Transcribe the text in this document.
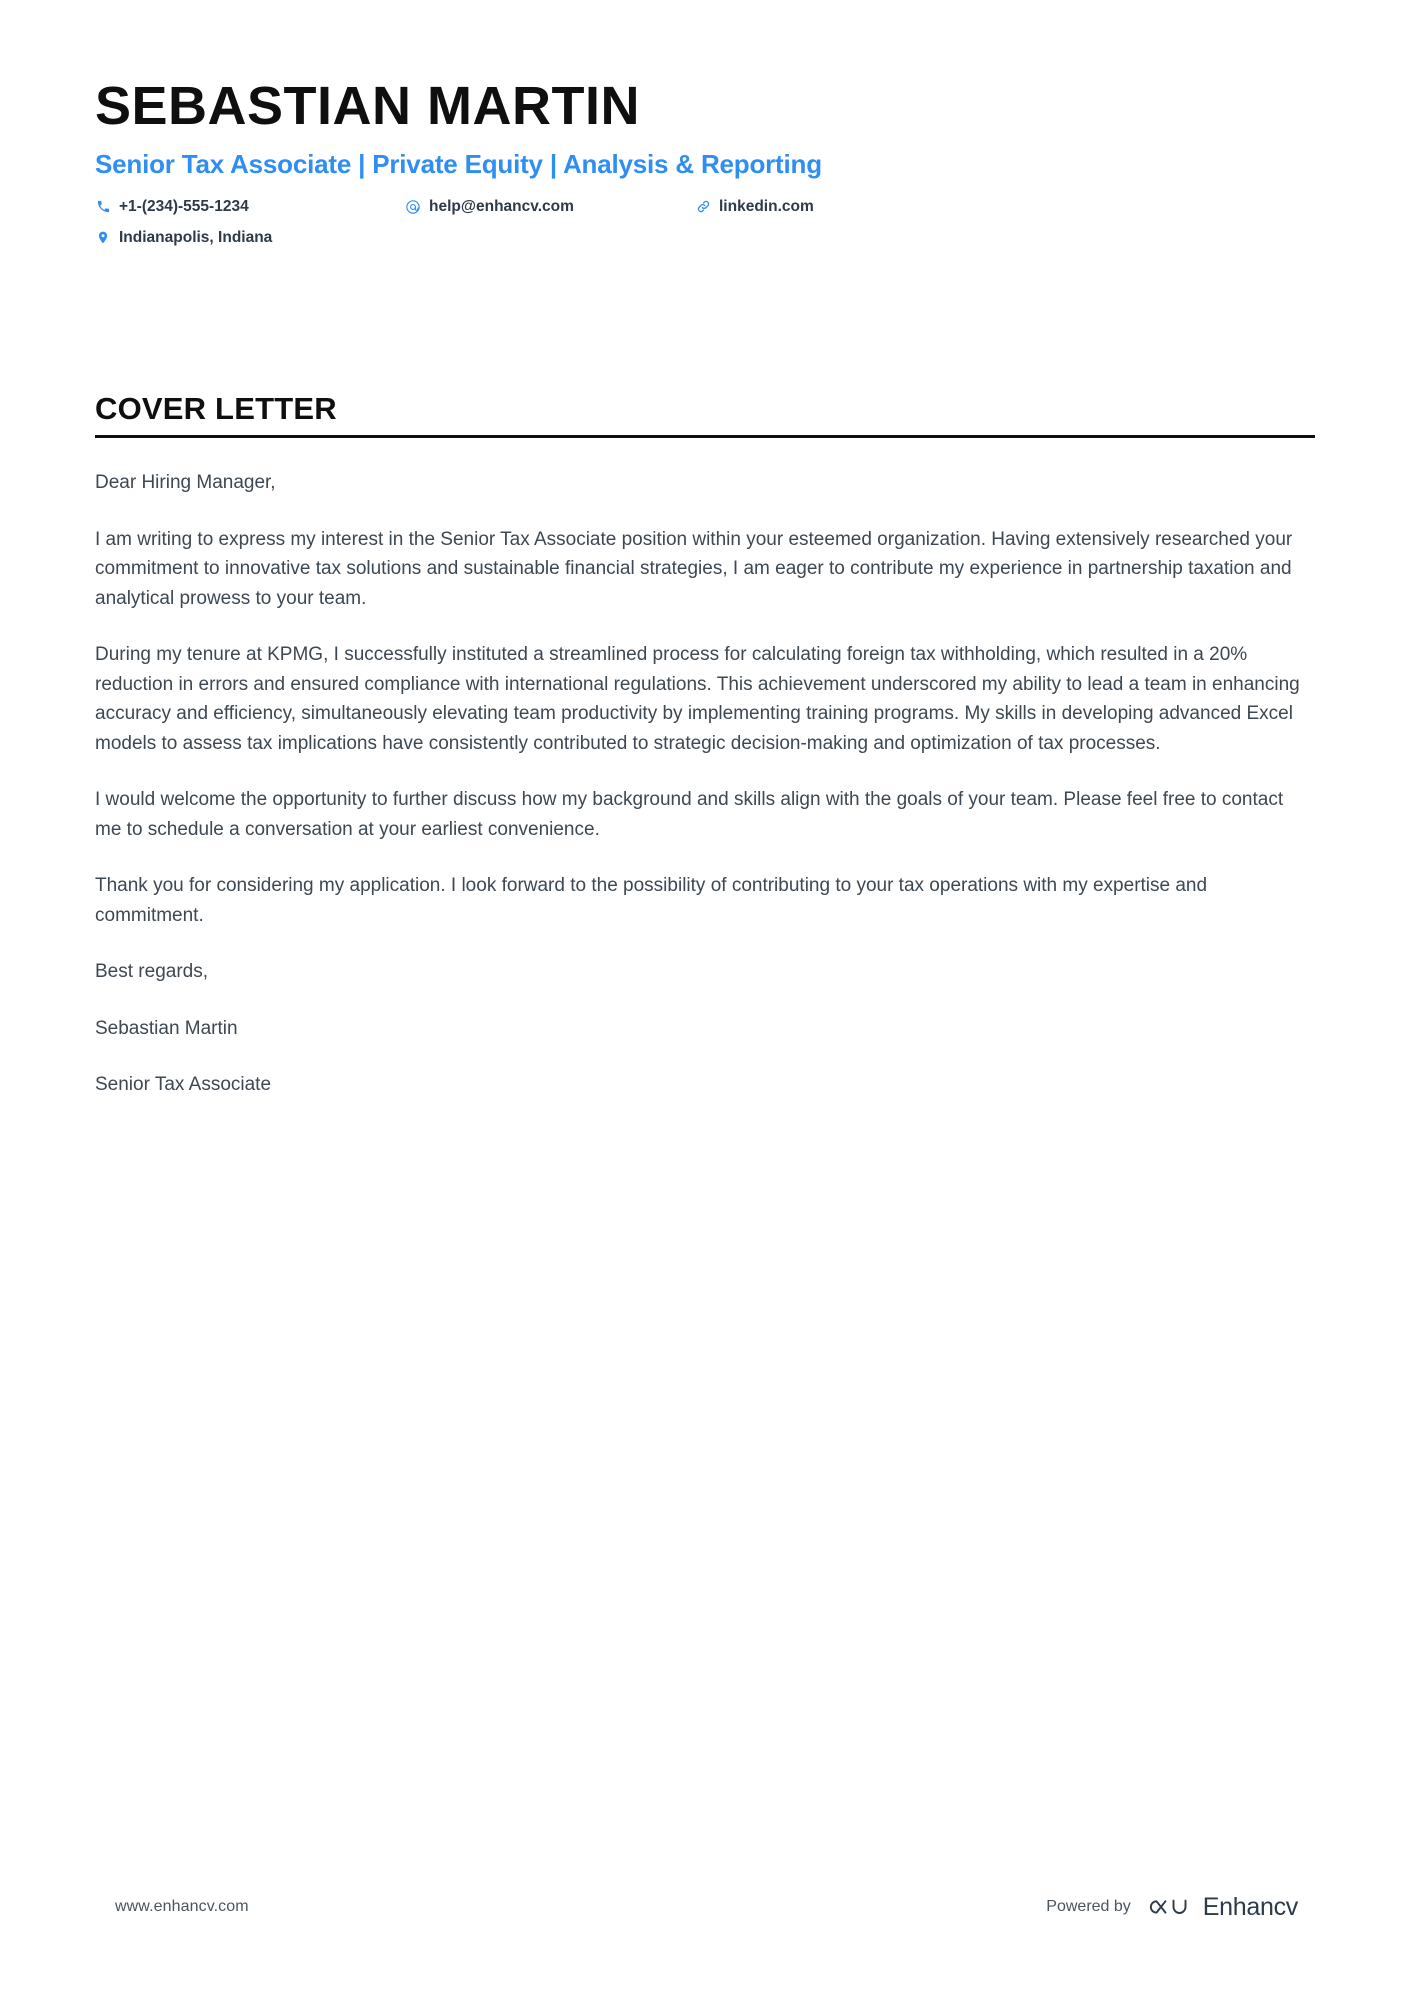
SEBASTIAN MARTIN
Senior Tax Associate | Private Equity | Analysis & Reporting
+1-(234)-555-1234	help@enhancv.com	linkedin.com
Indianapolis, Indiana
COVER LETTER

Dear Hiring Manager,

I am writing to express my interest in the Senior Tax Associate position within your esteemed organization. Having extensively researched your commitment to innovative tax solutions and sustainable financial strategies, I am eager to contribute my experience in partnership taxation and analytical prowess to your team.

During my tenure at KPMG, I successfully instituted a streamlined process for calculating foreign tax withholding, which resulted in a 20% reduction in errors and ensured compliance with international regulations. This achievement underscored my ability to lead a team in enhancing accuracy and efficiency, simultaneously elevating team productivity by implementing training programs. My skills in developing advanced Excel models to assess tax implications have consistently contributed to strategic decision-making and optimization of tax processes.

I would welcome the opportunity to further discuss how my background and skills align with the goals of your team. Please feel free to contact me to schedule a conversation at your earliest convenience.

Thank you for considering my application. I look forward to the possibility of contributing to your tax operations with my expertise and commitment.

Best regards,

Sebastian Martin

Senior Tax Associate

www.enhancv.com	Powered by	Enhancv
